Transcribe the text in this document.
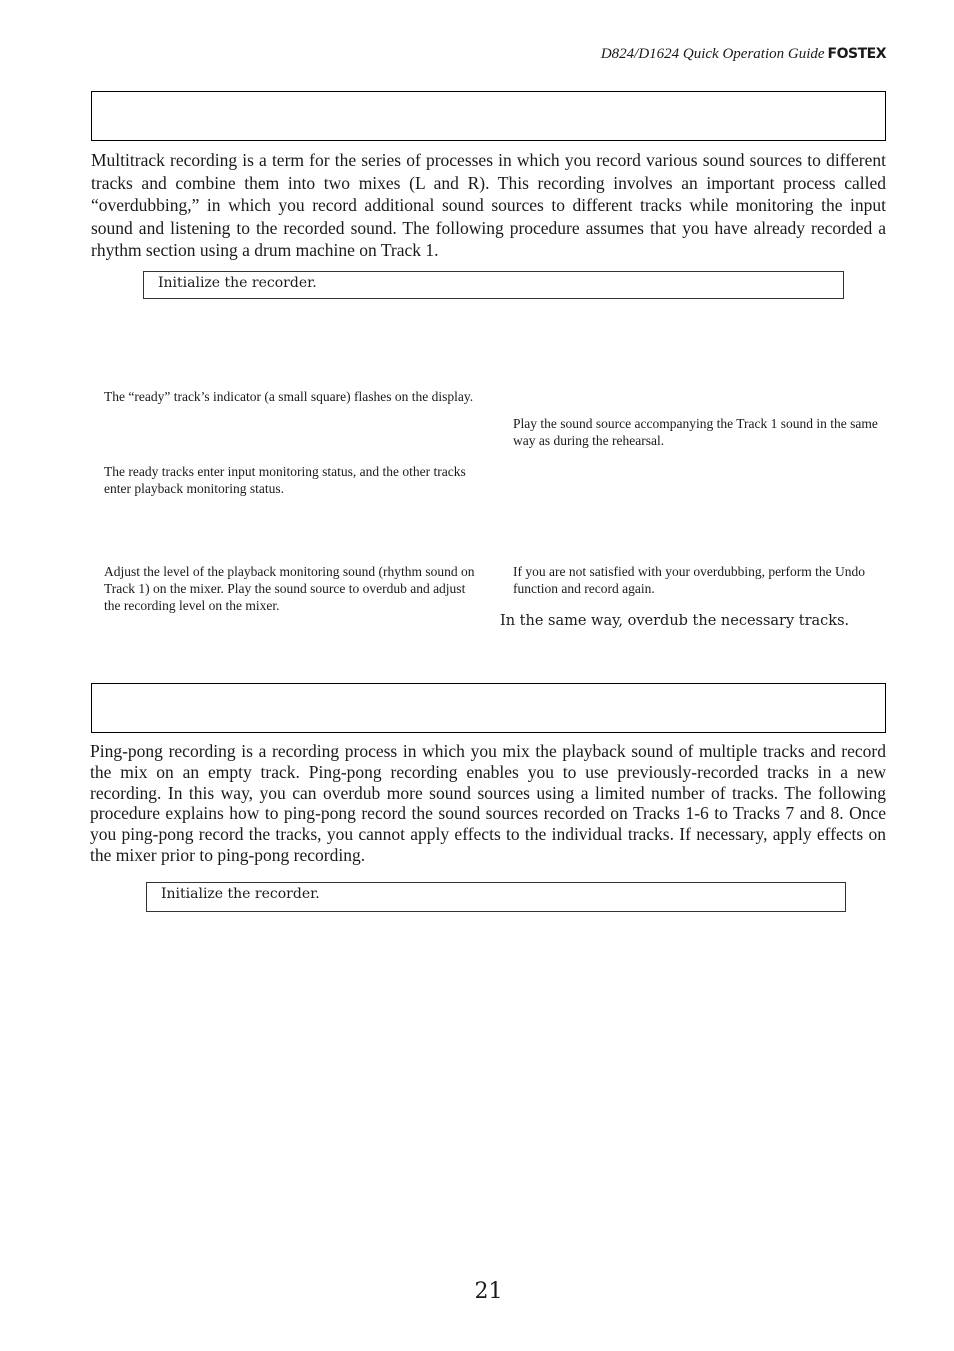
D824/D1624 Quick Operation Guide FOSTEX

Multitrack recording is a term for the series of processes in which you record various sound sources to different tracks and combine them into two mixes (L and R). This recording involves an important process called “overdubbing,” in which you record additional sound sources to different tracks while monitoring the input sound and listening to the recorded sound. The following procedure assumes that you have already recorded a rhythm section using a drum machine on Track 1.

Initialize the recorder.

The “ready” track’s indicator (a small square) flashes on the display.

The ready tracks enter input monitoring status, and the other tracks enter playback monitoring status.

Adjust the level of the playback monitoring sound (rhythm sound on Track 1) on the mixer. Play the sound source to overdub and adjust the recording level on the mixer.

Play the sound source accompanying the Track 1 sound in the same way as during the rehearsal.

If you are not satisfied with your overdubbing, perform the Undo function and record again.

In the same way, overdub the necessary tracks.

Ping-pong recording is a recording process in which you mix the playback sound of multiple tracks and record the mix on an empty track. Ping-pong recording enables you to use previously-recorded tracks in a new recording. In this way, you can overdub more sound sources using a limited number of tracks. The following procedure explains how to ping-pong record the sound sources recorded on Tracks 1-6 to Tracks 7 and 8. Once you ping-pong record the tracks, you cannot apply effects to the individual tracks. If necessary, apply effects on the mixer prior to ping-pong recording.

Initialize the recorder.
21
